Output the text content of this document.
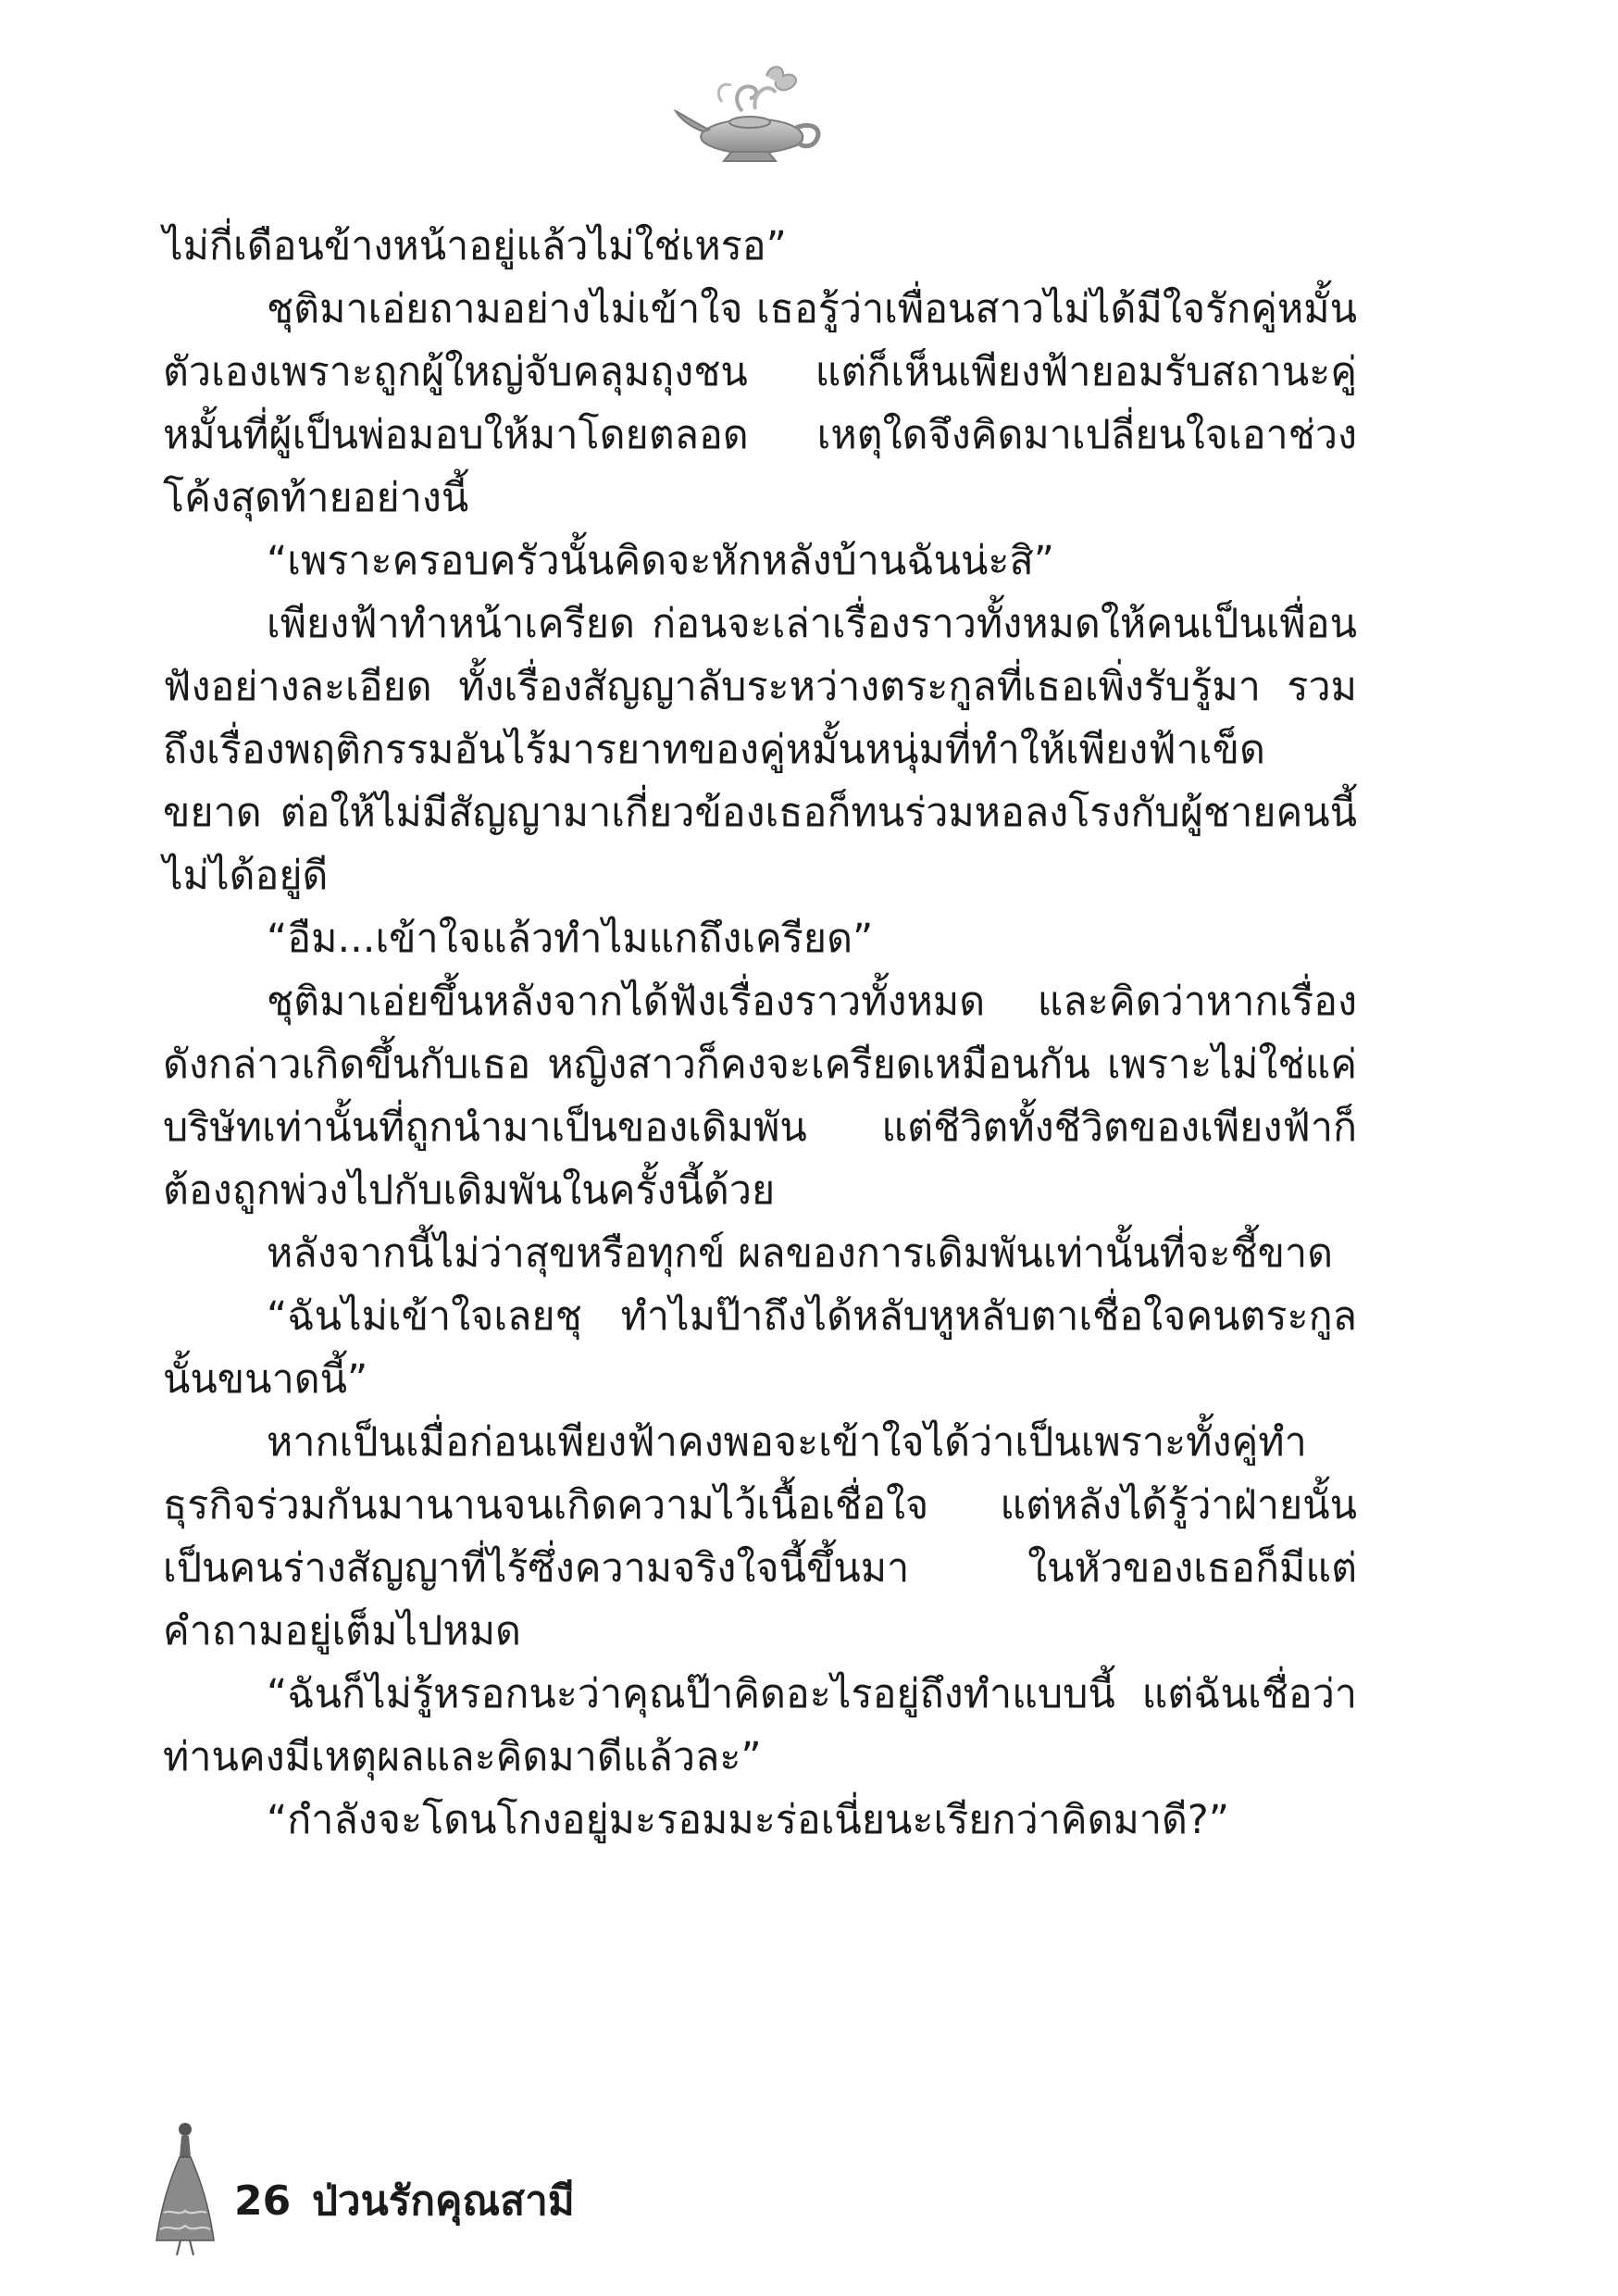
ไม่กี่เดือนข้างหน้าอยู่แล้วไม่ใช่เหรอ”

ชุติมาเอ่ยถามอย่างไม่เข้าใจ เธอรู้ว่าเพื่อนสาวไม่ได้มีใจรักคู่หมั้นตัวเองเพราะถูกผู้ใหญ่จับคลุมถุงชน แต่ก็เห็นเพียงฟ้ายอมรับสถานะคู่หมั้นที่ผู้เป็นพ่อมอบให้มาโดยตลอด เหตุใดจึงคิดมาเปลี่ยนใจเอาช่วงโค้งสุดท้ายอย่างนี้

“เพราะครอบครัวนั้นคิดจะหักหลังบ้านฉันน่ะสิ”

เพียงฟ้าทำหน้าเครียด ก่อนจะเล่าเรื่องราวทั้งหมดให้คนเป็นเพื่อนฟังอย่างละเอียด ทั้งเรื่องสัญญาลับระหว่างตระกูลที่เธอเพิ่งรับรู้มา รวมถึงเรื่องพฤติกรรมอันไร้มารยาทของคู่หมั้นหนุ่มที่ทำให้เพียงฟ้าเข็ดขยาด ต่อให้ไม่มีสัญญามาเกี่ยวข้องเธอก็ทนร่วมหอลงโรงกับผู้ชายคนนี้ไม่ได้อยู่ดี

“อืม...เข้าใจแล้วทำไมแกถึงเครียด”

ชุติมาเอ่ยขึ้นหลังจากได้ฟังเรื่องราวทั้งหมด และคิดว่าหากเรื่องดังกล่าวเกิดขึ้นกับเธอ หญิงสาวก็คงจะเครียดเหมือนกัน เพราะไม่ใช่แค่บริษัทเท่านั้นที่ถูกนำมาเป็นของเดิมพัน แต่ชีวิตทั้งชีวิตของเพียงฟ้าก็ต้องถูกพ่วงไปกับเดิมพันในครั้งนี้ด้วย

หลังจากนี้ไม่ว่าสุขหรือทุกข์ ผลของการเดิมพันเท่านั้นที่จะชี้ขาด

“ฉันไม่เข้าใจเลยชุ ทำไมป๊าถึงได้หลับหูหลับตาเชื่อใจคนตระกูลนั้นขนาดนี้”

หากเป็นเมื่อก่อนเพียงฟ้าคงพอจะเข้าใจได้ว่าเป็นเพราะทั้งคู่ทำธุรกิจร่วมกันมานานจนเกิดความไว้เนื้อเชื่อใจ แต่หลังได้รู้ว่าฝ่ายนั้นเป็นคนร่างสัญญาที่ไร้ซึ่งความจริงใจนี้ขึ้นมา ในหัวของเธอก็มีแต่คำถามอยู่เต็มไปหมด

“ฉันก็ไม่รู้หรอกนะว่าคุณป๊าคิดอะไรอยู่ถึงทำแบบนี้ แต่ฉันเชื่อว่าท่านคงมีเหตุผลและคิดมาดีแล้วละ”

“กำลังจะโดนโกงอยู่มะรอมมะร่อเนี่ยนะเรียกว่าคิดมาดี?”

26 ป่วนรักคุณสามี
